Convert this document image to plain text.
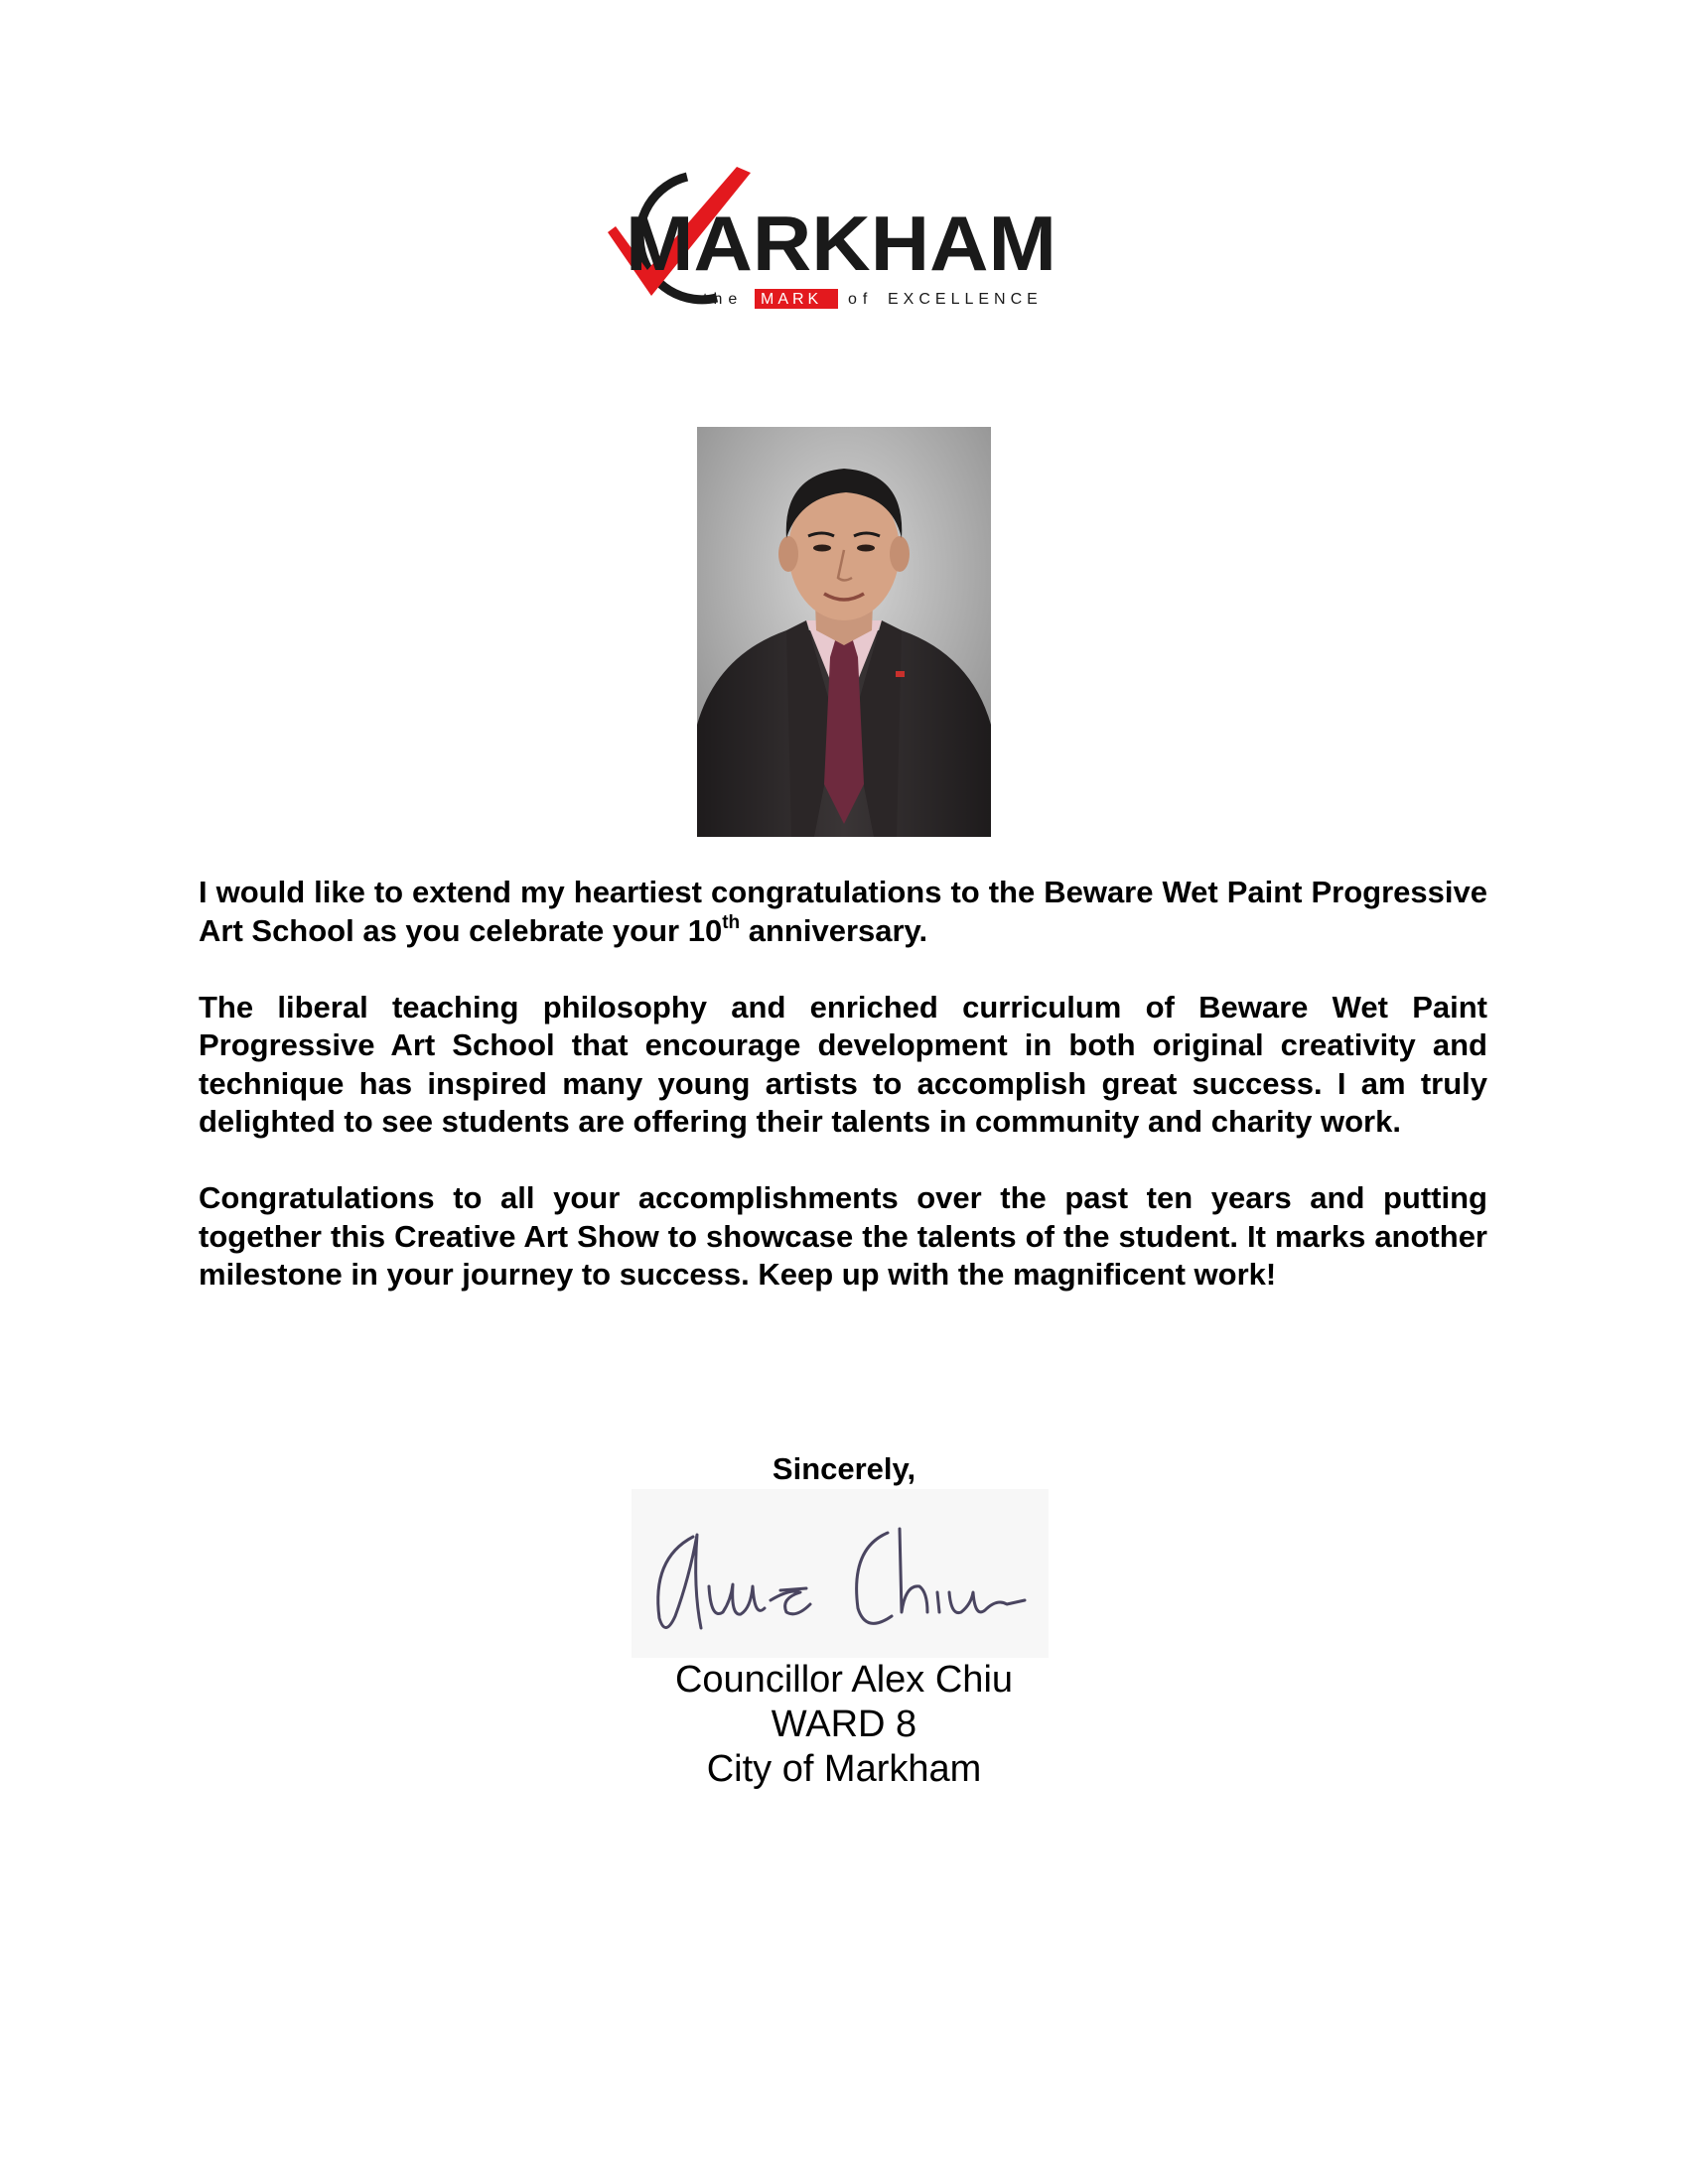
MARKHAM
the MARK of EXCELLENCE

I would like to extend my heartiest congratulations to the Beware Wet Paint Progressive Art School as you celebrate your 10th anniversary.

The liberal teaching philosophy and enriched curriculum of Beware Wet Paint Progressive Art School that encourage development in both original creativity and technique has inspired many young artists to accomplish great success. I am truly delighted to see students are offering their talents in community and charity work.

Congratulations to all your accomplishments over the past ten years and putting together this Creative Art Show to showcase the talents of the student. It marks another milestone in your journey to success. Keep up with the magnificent work!

Sincerely,
Councillor Alex Chiu
WARD 8
City of Markham
